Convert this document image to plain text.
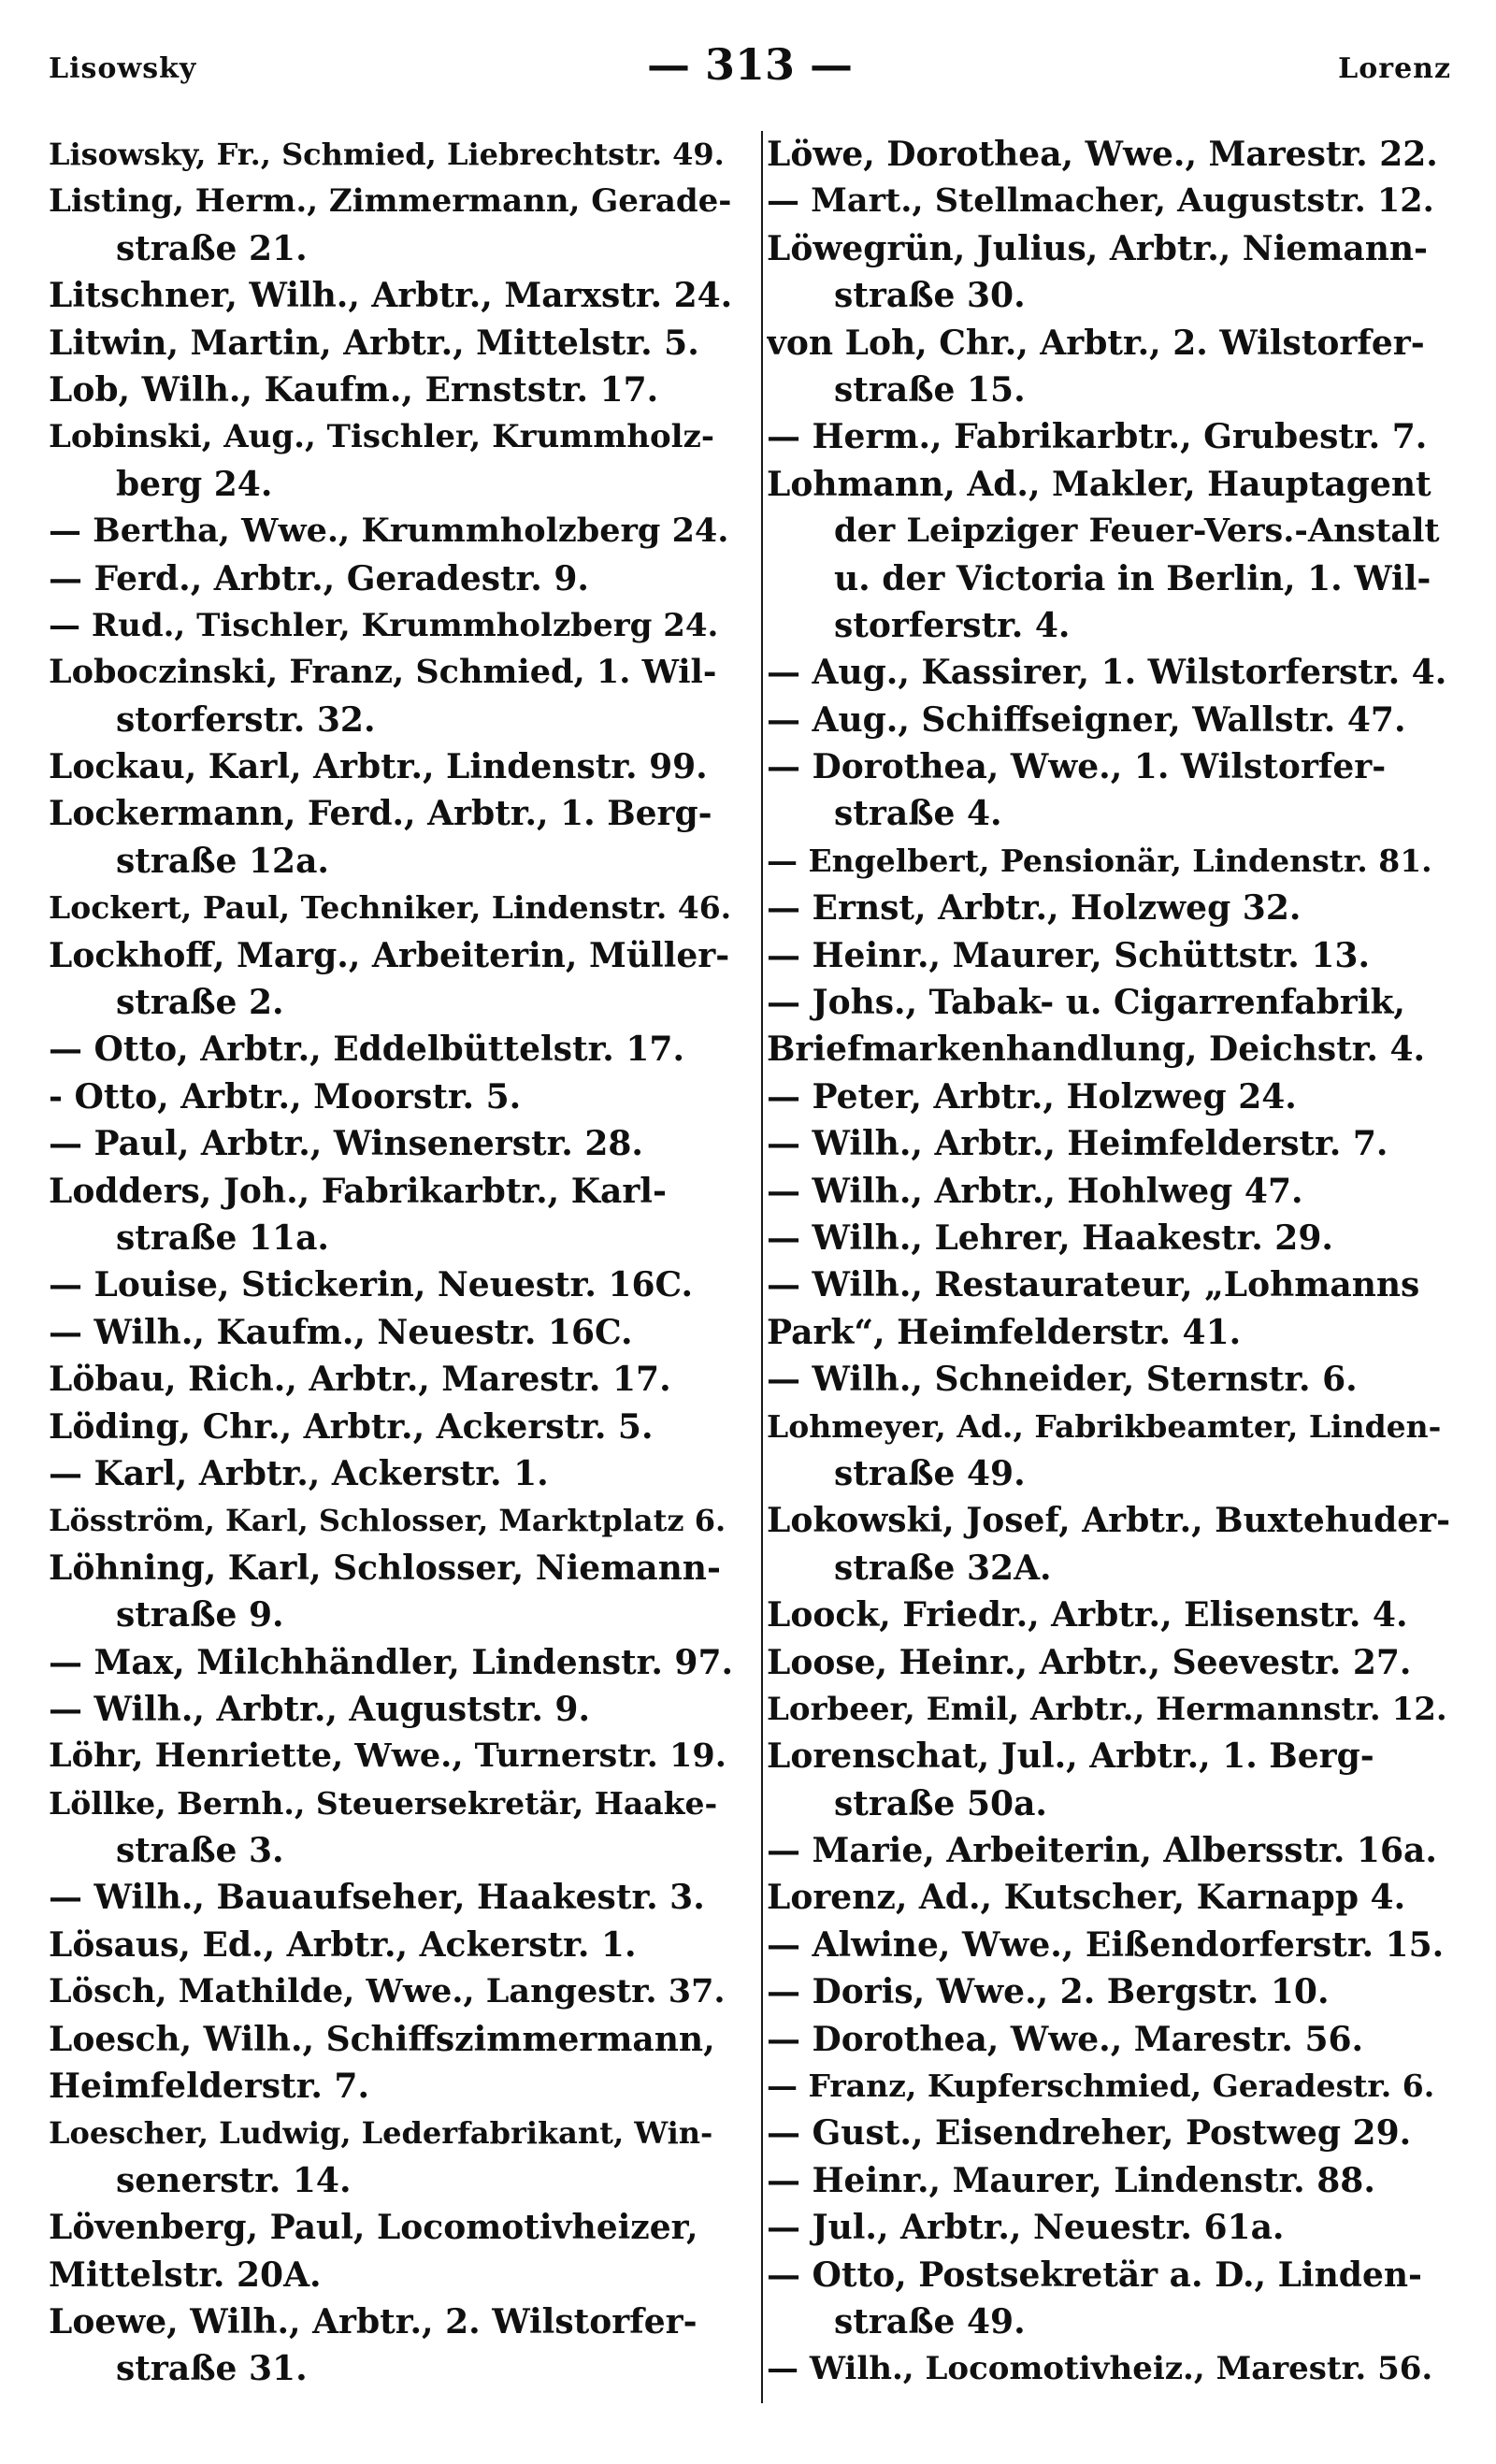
Lisowsky	— 313 —	Lorenz
Lisowsky, Fr., Schmied, Liebrechtstr. 49.
Listing, Herm., Zimmermann, Gerade-
straße 21.
Litschner, Wilh., Arbtr., Marxstr. 24.
Litwin, Martin, Arbtr., Mittelstr. 5.
Lob, Wilh., Kaufm., Ernststr. 17.
Lobinski, Aug., Tischler, Krummholz-
berg 24.
— Bertha, Wwe., Krummholzberg 24.
— Ferd., Arbtr., Geradestr. 9.
— Rud., Tischler, Krummholzberg 24.
Loboczinski, Franz, Schmied, 1. Wil-
storferstr. 32.
Lockau, Karl, Arbtr., Lindenstr. 99.
Lockermann, Ferd., Arbtr., 1. Berg-
straße 12a.
Lockert, Paul, Techniker, Lindenstr. 46.
Lockhoff, Marg., Arbeiterin, Müller-
straße 2.
— Otto, Arbtr., Eddelbüttelstr. 17.
- Otto, Arbtr., Moorstr. 5.
— Paul, Arbtr., Winsenerstr. 28.
Lodders, Joh., Fabrikarbtr., Karl-
straße 11a.
— Louise, Stickerin, Neuestr. 16C.
— Wilh., Kaufm., Neuestr. 16C.
Löbau, Rich., Arbtr., Marestr. 17.
Löding, Chr., Arbtr., Ackerstr. 5.
— Karl, Arbtr., Ackerstr. 1.
Lösström, Karl, Schlosser, Marktplatz 6.
Löhning, Karl, Schlosser, Niemann-
straße 9.
— Max, Milchhändler, Lindenstr. 97.
— Wilh., Arbtr., Auguststr. 9.
Löhr, Henriette, Wwe., Turnerstr. 19.
Löllke, Bernh., Steuersekretär, Haake-
straße 3.
— Wilh., Bauaufseher, Haakestr. 3.
Lösaus, Ed., Arbtr., Ackerstr. 1.
Lösch, Mathilde, Wwe., Langestr. 37.
Loesch, Wilh., Schiffszimmermann,
Heimfelderstr. 7.
Loescher, Ludwig, Lederfabrikant, Win-
senerstr. 14.
Lövenberg, Paul, Locomotivheizer,
Mittelstr. 20A.
Loewe, Wilh., Arbtr., 2. Wilstorfer-
straße 31.
Löwe, Dorothea, Wwe., Marestr. 22.
— Mart., Stellmacher, Auguststr. 12.
Löwegrün, Julius, Arbtr., Niemann-
straße 30.
von Loh, Chr., Arbtr., 2. Wilstorfer-
straße 15.
— Herm., Fabrikarbtr., Grubestr. 7.
Lohmann, Ad., Makler, Hauptagent
der Leipziger Feuer-Vers.-Anstalt
u. der Victoria in Berlin, 1. Wil-
storferstr. 4.
— Aug., Kassirer, 1. Wilstorferstr. 4.
— Aug., Schiffseigner, Wallstr. 47.
— Dorothea, Wwe., 1. Wilstorfer-
straße 4.
— Engelbert, Pensionär, Lindenstr. 81.
— Ernst, Arbtr., Holzweg 32.
— Heinr., Maurer, Schüttstr. 13.
— Johs., Tabak- u. Cigarrenfabrik,
Briefmarkenhandlung, Deichstr. 4.
— Peter, Arbtr., Holzweg 24.
— Wilh., Arbtr., Heimfelderstr. 7.
— Wilh., Arbtr., Hohlweg 47.
— Wilh., Lehrer, Haakestr. 29.
— Wilh., Restaurateur, „Lohmanns
Park“, Heimfelderstr. 41.
— Wilh., Schneider, Sternstr. 6.
Lohmeyer, Ad., Fabrikbeamter, Linden-
straße 49.
Lokowski, Josef, Arbtr., Buxtehuder-
straße 32A.
Loock, Friedr., Arbtr., Elisenstr. 4.
Loose, Heinr., Arbtr., Seevestr. 27.
Lorbeer, Emil, Arbtr., Hermannstr. 12.
Lorenschat, Jul., Arbtr., 1. Berg-
straße 50a.
— Marie, Arbeiterin, Albersstr. 16a.
Lorenz, Ad., Kutscher, Karnapp 4.
— Alwine, Wwe., Eißendorferstr. 15.
— Doris, Wwe., 2. Bergstr. 10.
— Dorothea, Wwe., Marestr. 56.
— Franz, Kupferschmied, Geradestr. 6.
— Gust., Eisendreher, Postweg 29.
— Heinr., Maurer, Lindenstr. 88.
— Jul., Arbtr., Neuestr. 61a.
— Otto, Postsekretär a. D., Linden-
straße 49.
— Wilh., Locomotivheiz., Marestr. 56.
